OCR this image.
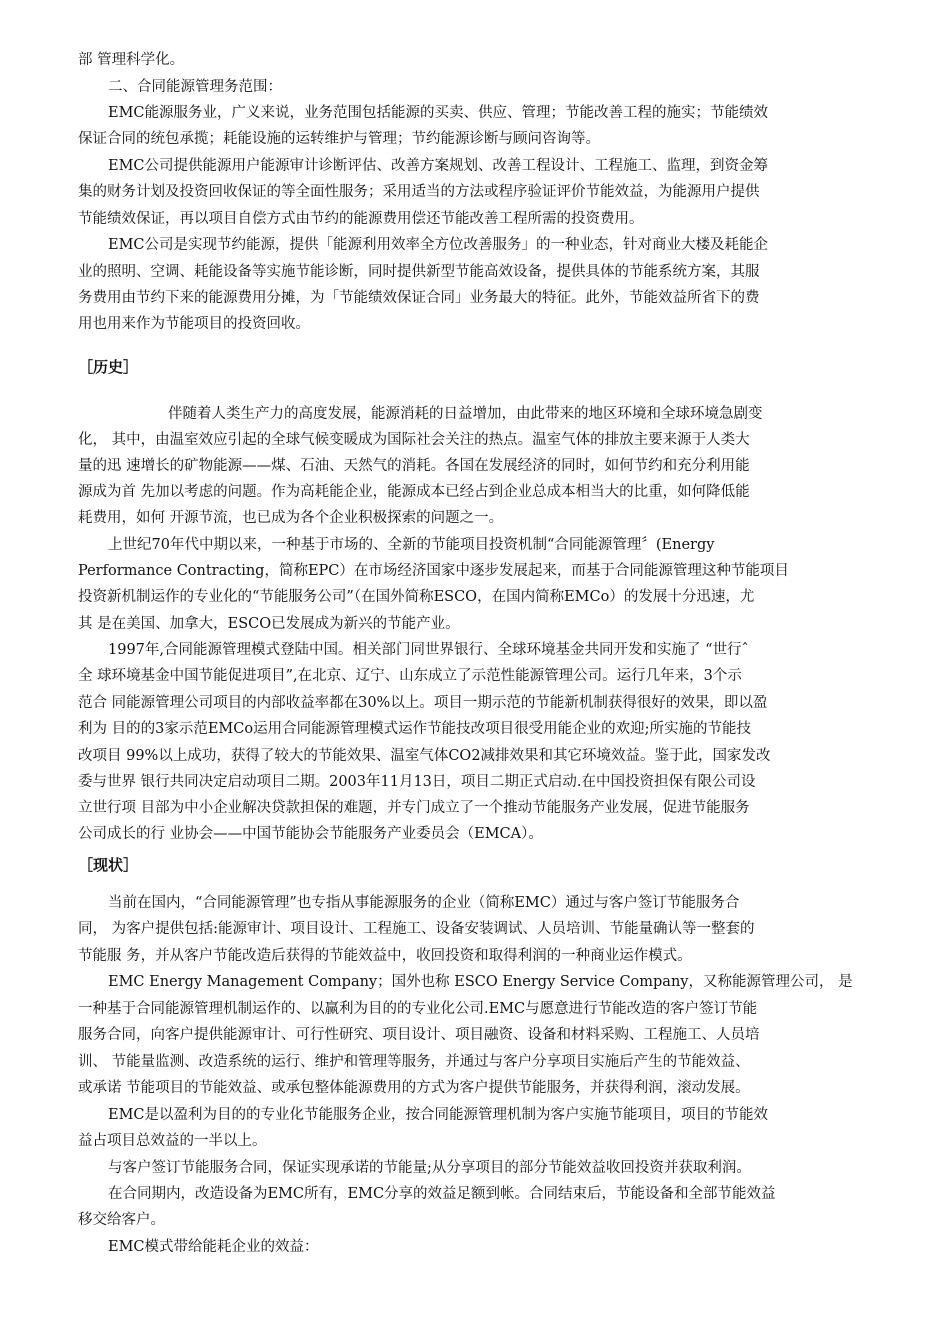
部 管理科学化。
二、合同能源管理务范围：
EMC能源服务业，广义来说，业务范围包括能源的买卖、供应、管理；节能改善工程的施实；节能绩效
保证合同的统包承揽；耗能设施的运转维护与管理；节约能源诊断与顾问咨询等。
EMC公司提供能源用户能源审计诊断评估、改善方案规划、改善工程设计、工程施工、监理，到资金筹
集的财务计划及投资回收保证的等全面性服务；采用适当的方法或程序验证评价节能效益，为能源用户提供
节能绩效保证，再以项目自偿方式由节约的能源费用偿还节能改善工程所需的投资费用。
EMC公司是实现节约能源，提供「能源利用效率全方位改善服务」的一种业态，针对商业大楼及耗能企
业的照明、空调、耗能设备等实施节能诊断，同时提供新型节能高效设备，提供具体的节能系统方案，其服
务费用由节约下来的能源费用分摊，为「节能绩效保证合同」业务最大的特征。此外，节能效益所省下的费
用也用来作为节能项目的投资回收。
［历史］
伴随着人类生产力的高度发展，能源消耗的日益增加，由此带来的地区环境和全球环境急剧变
化， 其中，由温室效应引起的全球气候变暖成为国际社会关注的热点。温室气体的排放主要来源于人类大
量的迅 速增长的矿物能源——煤、石油、天然气的消耗。各国在发展经济的同时，如何节约和充分利用能
源成为首 先加以考虑的问题。作为高耗能企业，能源成本已经占到企业总成本相当大的比重，如何降低能
耗费用，如何 开源节流，也已成为各个企业积极探索的问题之一。
上世纪70年代中期以来，一种基于市场的、全新的节能项目投资机制“合同能源管理〞(Energy
Performance Contracting，简称EPC）在市场经济国家中逐步发展起来，而基于合同能源管理这种节能项目
投资新机制运作的专业化的“节能服务公司”（在国外简称ESCO，在国内简称EMCo）的发展十分迅速，尤
其 是在美国、加拿大，ESCO已发展成为新兴的节能产业。
1997年,合同能源管理模式登陆中国。相关部门同世界银行、全球环境基金共同开发和实施了 “世行ˆ
全 球环境基金中国节能促进项目”,在北京、辽宁、山东成立了示范性能源管理公司。运行几年来，3个示
范合 同能源管理公司项目的内部收益率都在30%以上。项目一期示范的节能新机制获得很好的效果，即以盈
利为 目的的3家示范EMCo运用合同能源管理模式运作节能技改项目很受用能企业的欢迎;所实施的节能技
改项目 99%以上成功，获得了较大的节能效果、温室气体CO2减排效果和其它环境效益。鉴于此，国家发改
委与世界 银行共同决定启动项目二期。2003年11月13日，项目二期正式启动.在中国投资担保有限公司设
立世行项 目部为中小企业解决贷款担保的难题，并专门成立了一个推动节能服务产业发展，促进节能服务
公司成长的行 业协会——中国节能协会节能服务产业委员会（EMCA）。
［现状］
当前在国内，“合同能源管理”也专指从事能源服务的企业（简称EMC）通过与客户签订节能服务合
同， 为客户提供包括:能源审计、项目设计、工程施工、设备安装调试、人员培训、节能量确认等一整套的
节能服 务，并从客户节能改造后获得的节能效益中，收回投资和取得利润的一种商业运作模式。
EMC Energy Management Company；国外也称 ESCO Energy Service Company，又称能源管理公司， 是
一种基于合同能源管理机制运作的、以赢利为目的的专业化公司.EMC与愿意进行节能改造的客户签订节能
服务合同，向客户提供能源审计、可行性研究、项目设计、项目融资、设备和材料采购、工程施工、人员培
训、 节能量监测、改造系统的运行、维护和管理等服务，并通过与客户分享项目实施后产生的节能效益、
或承诺 节能项目的节能效益、或承包整体能源费用的方式为客户提供节能服务，并获得利润，滚动发展。
EMC是以盈利为目的的专业化节能服务企业，按合同能源管理机制为客户实施节能项目，项目的节能效
益占项目总效益的一半以上。
与客户签订节能服务合同，保证实现承诺的节能量;从分享项目的部分节能效益收回投资并获取利润。
在合同期内，改造设备为EMC所有，EMC分享的效益足额到帐。合同结束后，节能设备和全部节能效益
移交给客户。
EMC模式带给能耗企业的效益：
